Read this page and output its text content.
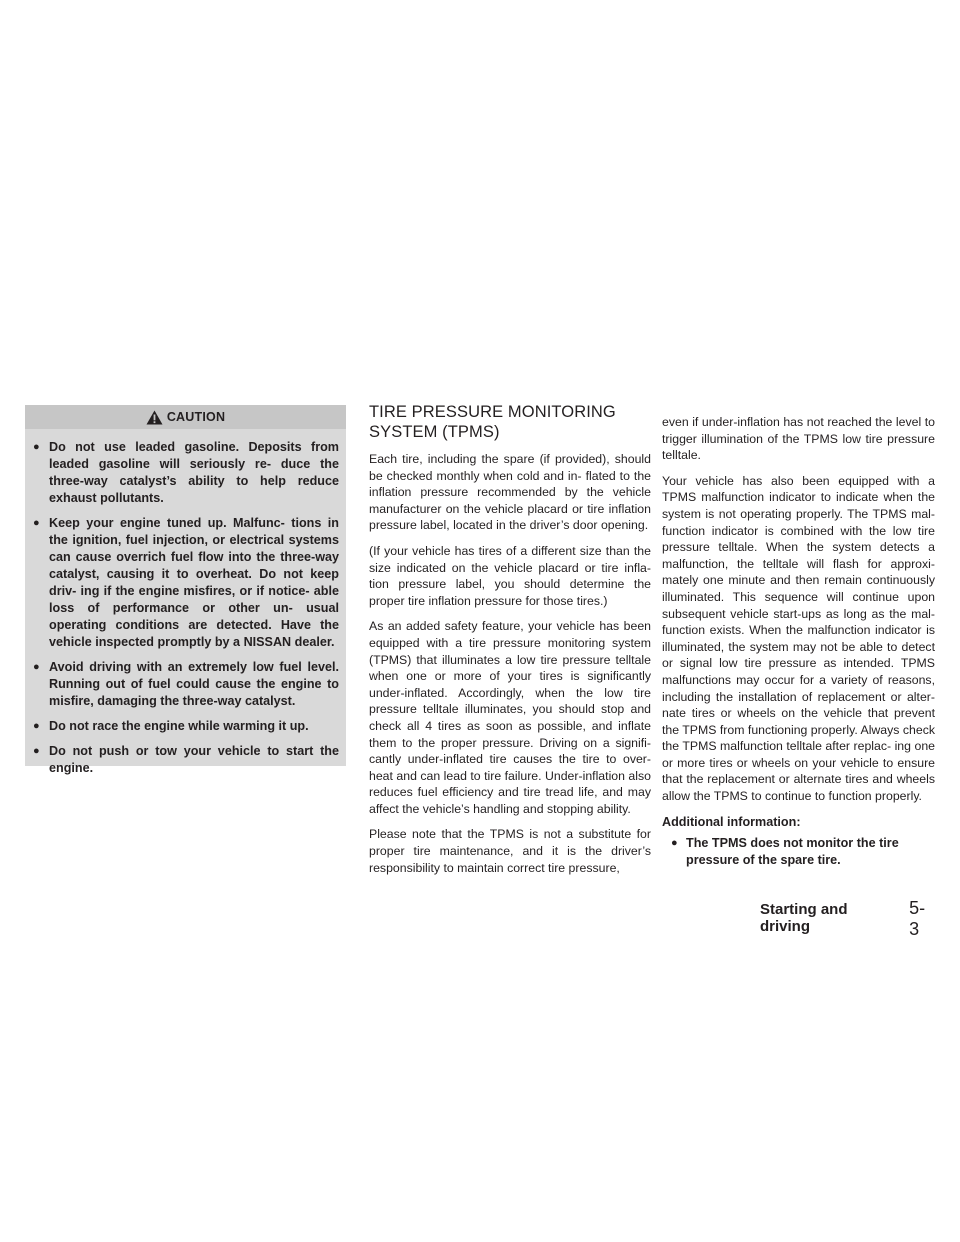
CAUTION
● Do not use leaded gasoline. Deposits from leaded gasoline will seriously re- duce the three-way catalyst’s ability to help reduce exhaust pollutants.
● Keep your engine tuned up. Malfunc- tions in the ignition, fuel injection, or electrical systems can cause overrich fuel flow into the three-way catalyst, causing it to overheat. Do not keep driv- ing if the engine misfires, or if notice- able loss of performance or other un- usual operating conditions are detected. Have the vehicle inspected promptly by a NISSAN dealer.
● Avoid driving with an extremely low fuel level. Running out of fuel could cause the engine to misfire, damaging the three-way catalyst.
● Do not race the engine while warming it up.
● Do not push or tow your vehicle to start the engine.
TIRE PRESSURE MONITORING SYSTEM (TPMS)

Each tire, including the spare (if provided), should be checked monthly when cold and in- flated to the inflation pressure recommended by the vehicle manufacturer on the vehicle placard or tire inflation pressure label, located in the driver’s door opening.

(If your vehicle has tires of a different size than the size indicated on the vehicle placard or tire infla- tion pressure label, you should determine the proper tire inflation pressure for those tires.)

As an added safety feature, your vehicle has been equipped with a tire pressure monitoring system (TPMS) that illuminates a low tire pressure telltale when one or more of your tires is significantly under-inflated. Accordingly, when the low tire pressure telltale illuminates, you should stop and check all 4 tires as soon as possible, and inflate them to the proper pressure. Driving on a signifi- cantly under-inflated tire causes the tire to over- heat and can lead to tire failure. Under-inflation also reduces fuel efficiency and tire tread life, and may affect the vehicle’s handling and stopping ability.

Please note that the TPMS is not a substitute for proper tire maintenance, and it is the driver’s responsibility to maintain correct tire pressure,

even if under-inflation has not reached the level to trigger illumination of the TPMS low tire pressure telltale.

Your vehicle has also been equipped with a TPMS malfunction indicator to indicate when the system is not operating properly. The TPMS mal- function indicator is combined with the low tire pressure telltale. When the system detects a malfunction, the telltale will flash for approxi- mately one minute and then remain continuously illuminated. This sequence will continue upon subsequent vehicle start-ups as long as the mal- function exists. When the malfunction indicator is illuminated, the system may not be able to detect or signal low tire pressure as intended. TPMS malfunctions may occur for a variety of reasons, including the installation of replacement or alter- nate tires or wheels on the vehicle that prevent the TPMS from functioning properly. Always check the TPMS malfunction telltale after replac- ing one or more tires or wheels on your vehicle to ensure that the replacement or alternate tires and wheels allow the TPMS to continue to function properly.

Additional information:

● The TPMS does not monitor the tire pressure of the spare tire.
Starting and driving
5-3
